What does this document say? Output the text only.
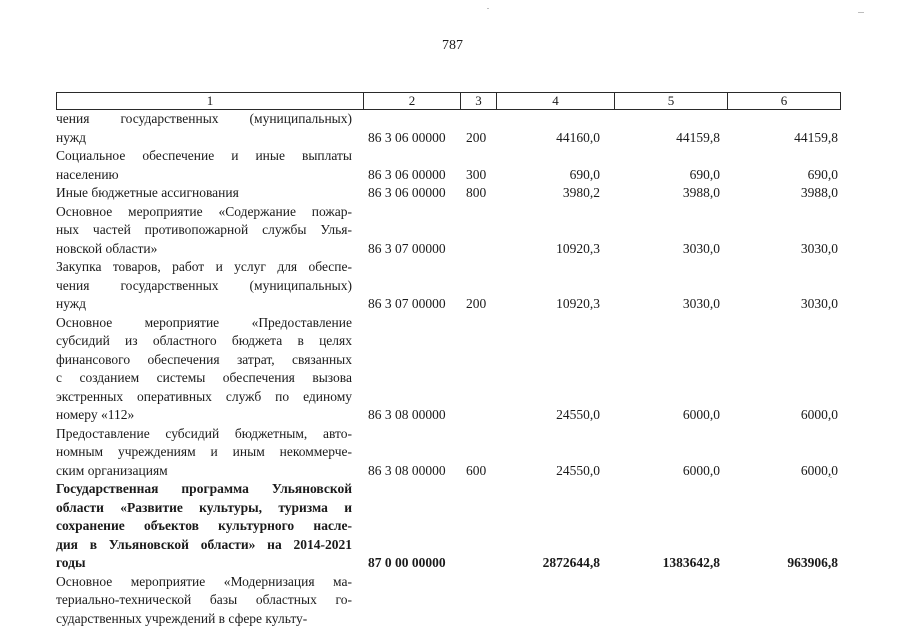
787
1	2	3	4	5	6
чения государственных (муниципальных)
нужд	86 3 06 00000 200	44160,0	44159,8	44159,8
Социальное обеспечение и иные выплаты
населению	86 3 06 00000 300	690,0	690,0	690,0
Иные бюджетные ассигнования	86 3 06 00000 800	3980,2	3988,0	3988,0
Основное мероприятие «Содержание пожар-
ных частей противопожарной службы Улья-
новской области»	86 3 07 00000	10920,3	3030,0	3030,0
Закупка товаров, работ и услуг для обеспе-
чения государственных (муниципальных)
нужд	86 3 07 00000 200	10920,3	3030,0	3030,0
Основное мероприятие «Предоставление
субсидий из областного бюджета в целях
финансового обеспечения затрат, связанных
с созданием системы обеспечения вызова
экстренных оперативных служб по единому
номеру «112»	86 3 08 00000	24550,0	6000,0	6000,0
Предоставление субсидий бюджетным, авто-
номным учреждениям и иным некоммерче-
ским организациям	86 3 08 00000 600	24550,0	6000,0	6000,0
Государственная программа Ульяновской
области «Развитие культуры, туризма и
сохранение объектов культурного насле-
дия в Ульяновской области» на 2014-2021
годы	87 0 00 00000	2872644,8	1383642,8	963906,8
Основное мероприятие «Модернизация ма-
териально-технической базы областных го-
сударственных учреждений в сфере культу-
